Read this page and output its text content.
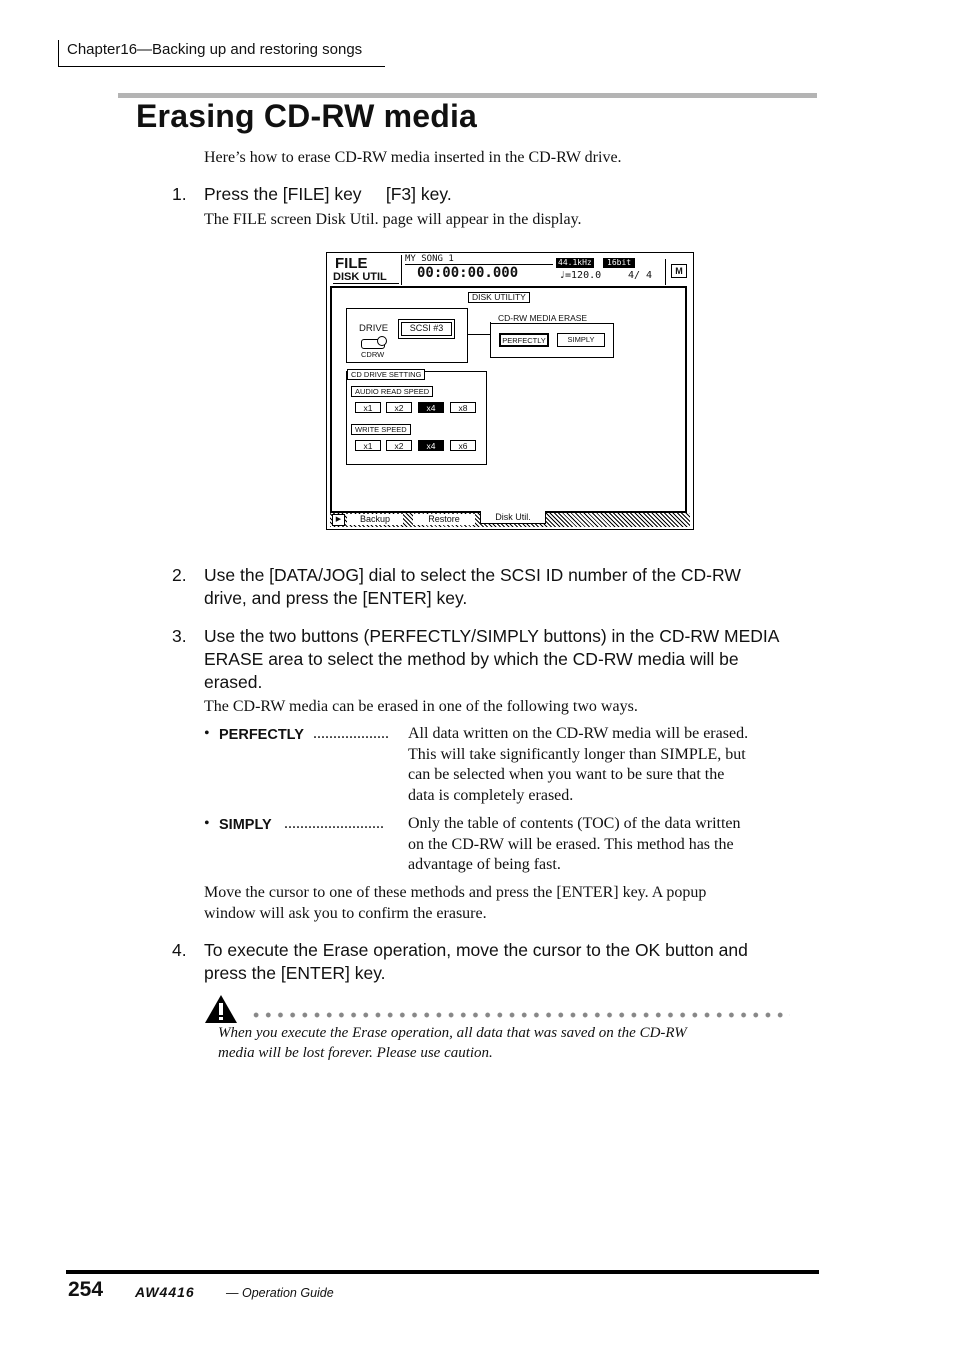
Chapter16—Backing up and restoring songs
Erasing CD-RW media
Here’s how to erase CD-RW media inserted in the CD-RW drive.
1. Press the [FILE] key     [F3] key.
The FILE screen Disk Util. page will appear in the display.
FILE
DISK UTIL
MY SONG 1
00:00:00.000
44.1kHz	16bit
♩=120.0	4/ 4	M
DISK UTILITY
DRIVE	SCSI #3
CDRW
CD-RW MEDIA ERASE
PERFECTLY	SIMPLY
CD DRIVE SETTING
AUDIO READ SPEED
x1	x2	x4	x8
WRITE SPEED
x1	x2	x4	x6
▶	Backup	Restore	Disk Util.
2. Use the [DATA/JOG] dial to select the SCSI ID number of the CD-RW
drive, and press the [ENTER] key.
3. Use the two buttons (PERFECTLY/SIMPLY buttons) in the CD-RW MEDIA
ERASE area to select the method by which the CD-RW media will be
erased.
The CD-RW media can be erased in one of the following two ways.
• PERFECTLY ................... All data written on the CD-RW media will be erased.
This will take significantly longer than SIMPLE, but
can be selected when you want to be sure that the
data is completely erased.
• SIMPLY ......................... Only the table of contents (TOC) of the data written
on the CD-RW will be erased. This method has the
advantage of being fast.
Move the cursor to one of these methods and press the [ENTER] key. A popup
window will ask you to confirm the erasure.
4. To execute the Erase operation, move the cursor to the OK button and
press the [ENTER] key.
When you execute the Erase operation, all data that was saved on the CD-RW
media will be lost forever. Please use caution.
254 AW4416	— Operation Guide
